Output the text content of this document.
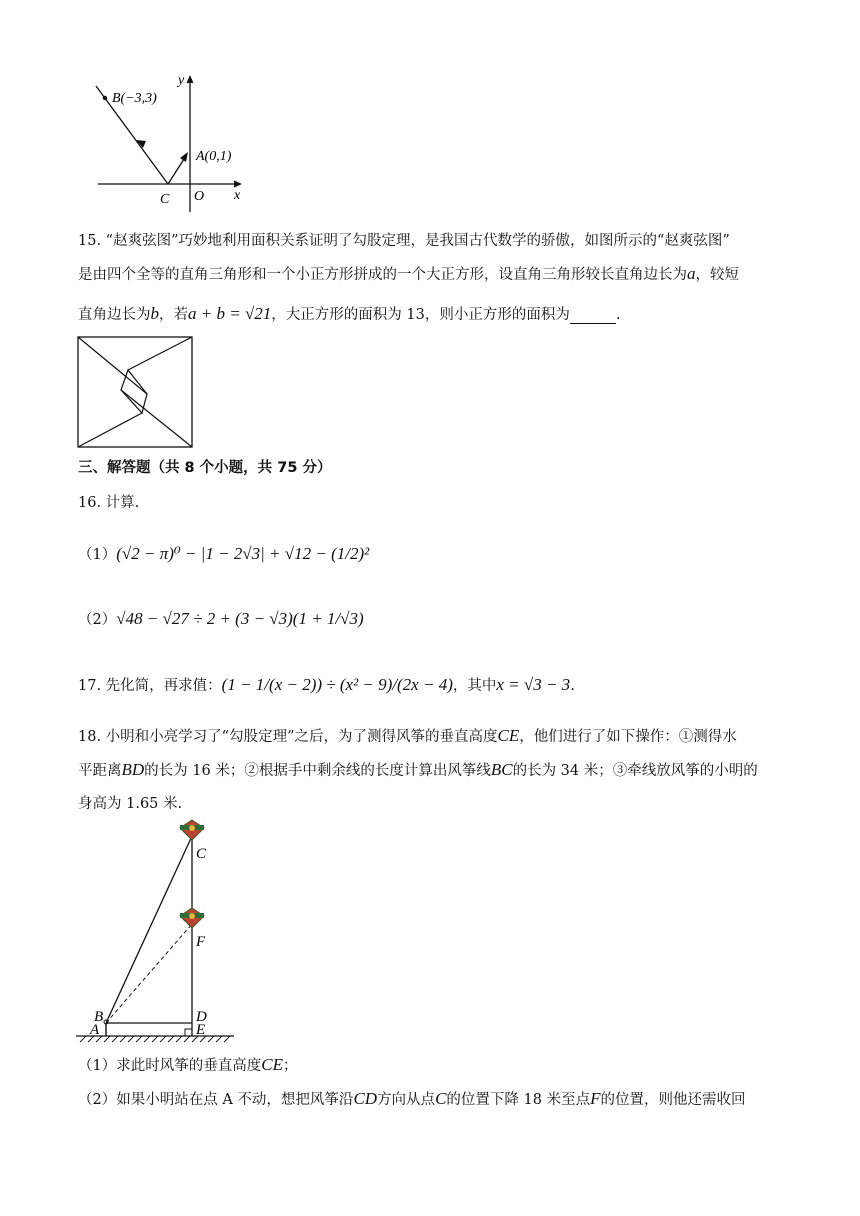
B(−3,3)
A(0,1)
C O x
y
15. “赵爽弦图”巧妙地利用面积关系证明了勾股定理，是我国古代数学的骄傲，如图所示的“赵爽弦图”
是由四个全等的直角三角形和一个小正方形拼成的一个大正方形，设直角三角形较长直角边长为a，较短
直角边长为b，若a + b = √21，大正方形的面积为 13，则小正方形的面积为	.
三、解答题（共 8 个小题，共 75 分）
16. 计算.
（1）(√2 − π)⁰ − |1 − 2√3| + √12 − (1/2)²
（2）√48 − √27 ÷ 2 + (3 − √3)(1 + 1/√3)
17. 先化简，再求值：(1 − 1/(x − 2)) ÷ (x² − 9)/(2x − 4)，其中x = √3 − 3.
18. 小明和小亮学习了“勾股定理”之后，为了测得风筝的垂直高度CE，他们进行了如下操作：①测得水
平距离BD的长为 16 米；②根据手中剩余线的长度计算出风筝线BC的长为 34 米；③牵线放风筝的小明的
身高为 1.65 米.
C
F
B	D
A	E
（1）求此时风筝的垂直高度CE；
（2）如果小明站在点 A 不动，想把风筝沿CD方向从点C的位置下降 18 米至点F的位置，则他还需收回
